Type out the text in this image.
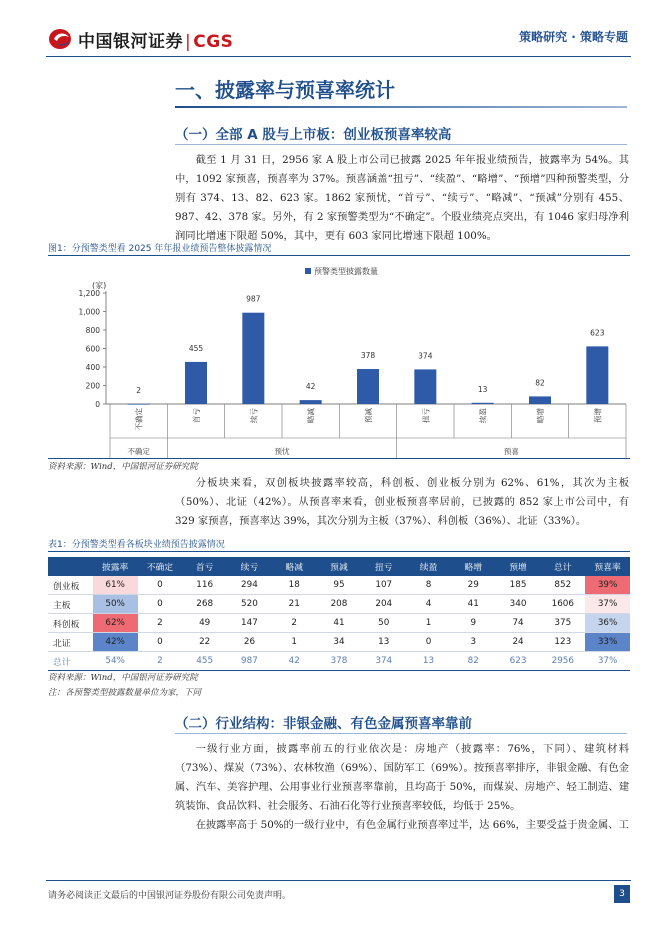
中国银河证券 | CGS	策略研究 · 策略专题
一、披露率与预喜率统计
（一）全部 A 股与上市板：创业板预喜率较高
截至 1 月 31 日，2956 家 A 股上市公司已披露 2025 年年报业绩预告，披露率为 54%。其中，1092 家预喜，预喜率为 37%。预喜涵盖“扭亏”、“续盈”、“略增”、“预增”四种预警类型，分别有 374、13、82、623 家。1862 家预忧，“首亏”、“续亏”、“略减”、“预减”分别有 455、987、42、378 家。另外，有 2 家预警类型为“不确定”。个股业绩亮点突出，有 1046 家归母净利润同比增速下限超 50%，其中，更有 603 家同比增速下限超 100%。
图1：分预警类型看 2025 年年报业绩预告整体披露情况
预警类型披露数量
(家)
0
200
400
600
800
1,000
1,200
2
不确定
455
首亏
987
续亏
42
略减
378
预减
374
扭亏
13
续盈
82
略增
623
预增
不确定	预忧	预喜
资料来源：Wind，中国银河证券研究院
分板块来看，双创板块披露率较高，科创板、创业板分别为 62%、61%，其次为主板（50%）、北证（42%）。从预喜率来看，创业板预喜率居前，已披露的 852 家上市公司中，有 329 家预喜，预喜率达 39%，其次分别为主板（37%）、科创板（36%）、北证（33%）。
表1：分预警类型看各板块业绩预告披露情况
	披露率	不确定	首亏	续亏	略减	预减	扭亏	续盈	略增	预增	总计	预喜率
创业板	61%	0	116	294	18	95	107	8	29	185	852	39%
主板	50%	0	268	520	21	208	204	4	41	340	1606	37%
科创板	62%	2	49	147	2	41	50	1	9	74	375	36%
北证	42%	0	22	26	1	34	13	0	3	24	123	33%
总计	54%	2	455	987	42	378	374	13	82	623	2956	37%
资料来源：Wind，中国银河证券研究院
注：各预警类型披露数量单位为家，下同
（二）行业结构：非银金融、有色金属预喜率靠前
一级行业方面，披露率前五的行业依次是：房地产（披露率：76%，下同）、建筑材料（73%）、煤炭（73%）、农林牧渔（69%）、国防军工（69%）。按预喜率排序，非银金融、有色金属、汽车、美容护理、公用事业行业预喜率靠前，且均高于 50%，而煤炭、房地产、轻工制造、建筑装饰、食品饮料、社会服务、石油石化等行业预喜率较低，均低于 25%。
在披露率高于 50%的一级行业中，有色金属行业预喜率过半，达 66%，主要受益于贵金属、工
请务必阅读正文最后的中国银河证券股份有限公司免责声明。	3
